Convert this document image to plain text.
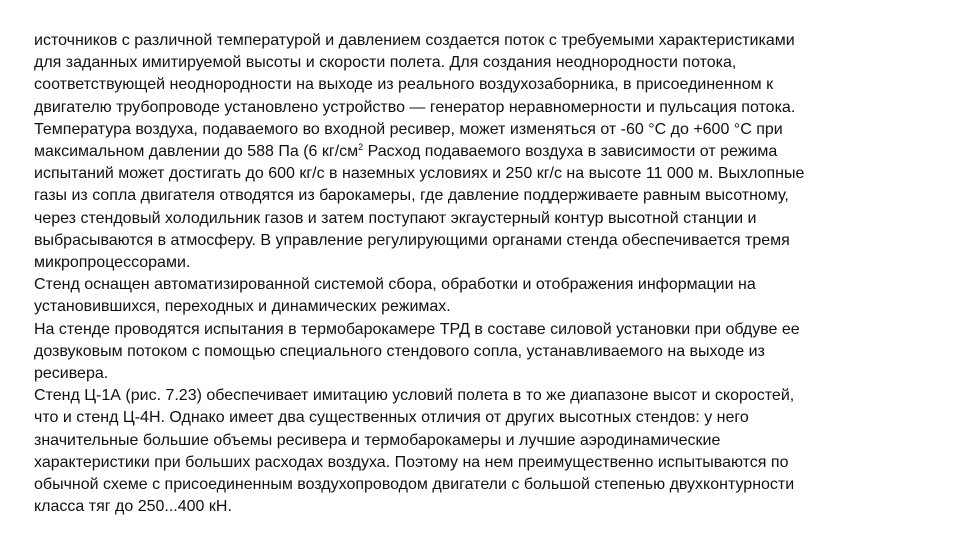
источников с различной температурой и давлением создается поток с требуемыми характеристиками
для заданных имитируемой высоты и скорости полета. Для создания неоднородности потока,
соответствующей неоднородности на выходе из реального воздухозаборника, в присоединенном к
двигателю трубопроводе установлено устройство — генератор неравномерности и пульсация потока.
Температура воздуха, подаваемого во входной ресивер, может изменяться от -60 °С до +600 °С при
максимальном давлении до 588 Па (6 $кг/см^2$ Расход подаваемого воздуха в зависимости от режима
испытаний может достигать до 600 кг/с в наземных условиях и 250 кг/с на высоте 11 000 м. Выхлопные
газы из сопла двигателя отводятся из барокамеры, где давление поддерживаете равным высотному,
через стендовый холодильник газов и затем поступают экгаустерный контур высотной станции и
выбрасываются в атмосферу. В управление регулирующими органами стенда обеспечивается тремя
микропроцессорами.
Стенд оснащен автоматизированной системой сбора, обработки и отображения информации на
установившихся, переходных и динамических режимах.
На стенде проводятся испытания в термобарокамере ТРД в составе силовой установки при обдуве ее
дозвуковым потоком с помощью специального стендового сопла, устанавливаемого на выходе из
ресивера.
Стенд Ц-1А (рис. 7.23) обеспечивает имитацию условий полета в то же диапазоне высот и скоростей,
что и стенд Ц-4Н. Однако имеет два существенных отличия от других высотных стендов: у него
значительные большие объемы ресивера и термобарокамеры и лучшие аэродинамические
характеристики при больших расходах воздуха. Поэтому на нем преимущественно испытываются по
обычной схеме с присоединенным воздухопроводом двигатели с большой степенью двухконтурности
класса тяг до 250...400 кН.
